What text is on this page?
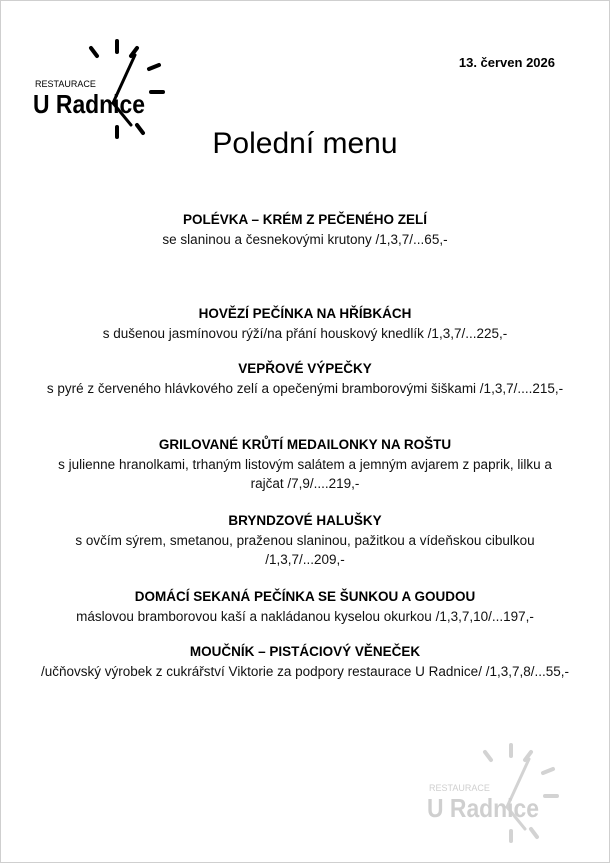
RESTAURACE
U Radnice
13. červen 2026
Polední menu
POLÉVKA – KRÉM Z PEČENÉHO ZELÍ
se slaninou a česnekovými krutony /1,3,7/...65,-
HOVĚZÍ PEČÍNKA NA HŘÍBKÁCH
s dušenou jasmínovou rýží/na přání houskový knedlík /1,3,7/...225,-
VEPŘOVÉ VÝPEČKY
s pyré z červeného hlávkového zelí a opečenými bramborovými šiškami /1,3,7/....215,-
GRILOVANÉ KRŮTÍ MEDAILONKY NA ROŠTU
s julienne hranolkami, trhaným listovým salátem a jemným avjarem z paprik, lilku a rajčat /7,9/....219,-
BRYNDZOVÉ HALUŠKY
s ovčím sýrem, smetanou, praženou slaninou, pažitkou a vídeňskou cibulkou /1,3,7/...209,-
DOMÁCÍ SEKANÁ PEČÍNKA SE ŠUNKOU A GOUDOU
máslovou bramborovou kaší a nakládanou kyselou okurkou /1,3,7,10/...197,-
MOUČNÍK – PISTÁCIOVÝ VĚNEČEK
/učňovský výrobek z cukrářství Viktorie za podpory restaurace U Radnice/ /1,3,7,8/...55,-
RESTAURACE
U Radnice
